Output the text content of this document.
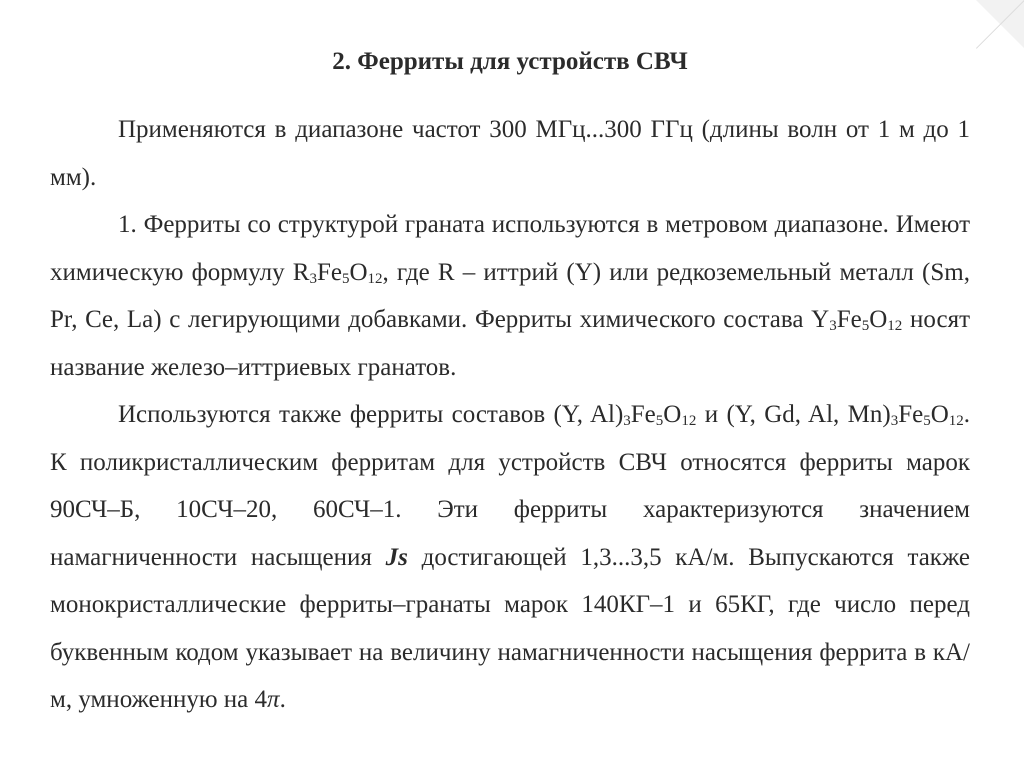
2. Ферриты для устройств СВЧ

Применяются в диапазоне частот 300 МГц...300 ГГц (длины волн от 1 м до 1 мм).

1. Ферриты со структурой граната используются в метровом диапазоне. Имеют химическую формулу $R_3Fe_5O_{12}$, где R – иттрий (Y) или редкоземельный металл (Sm, Pr, Ce, La) с легирующими добавками. Ферриты химического состава $Y_3Fe_5O_{12}$ носят название железо–иттриевых гранатов.

Используются также ферриты составов (Y, $Al)_3Fe_5O_{12}$ и (Y, Gd, Al, $Mn)_3Fe_5O_{12}$. К поликристаллическим ферритам для устройств СВЧ относятся ферриты марок 90СЧ–Б, 10СЧ–20, 60СЧ–1. Эти ферриты характеризуются значением намагниченности насыщения Js достигающей 1,3...3,5 кА/м. Выпускаются также монокристаллические ферриты–гранаты марок 140КГ–1 и 65КГ, где число перед буквенным кодом указывает на величину намагниченности насыщения феррита в кА/м, умноженную на 4π.
